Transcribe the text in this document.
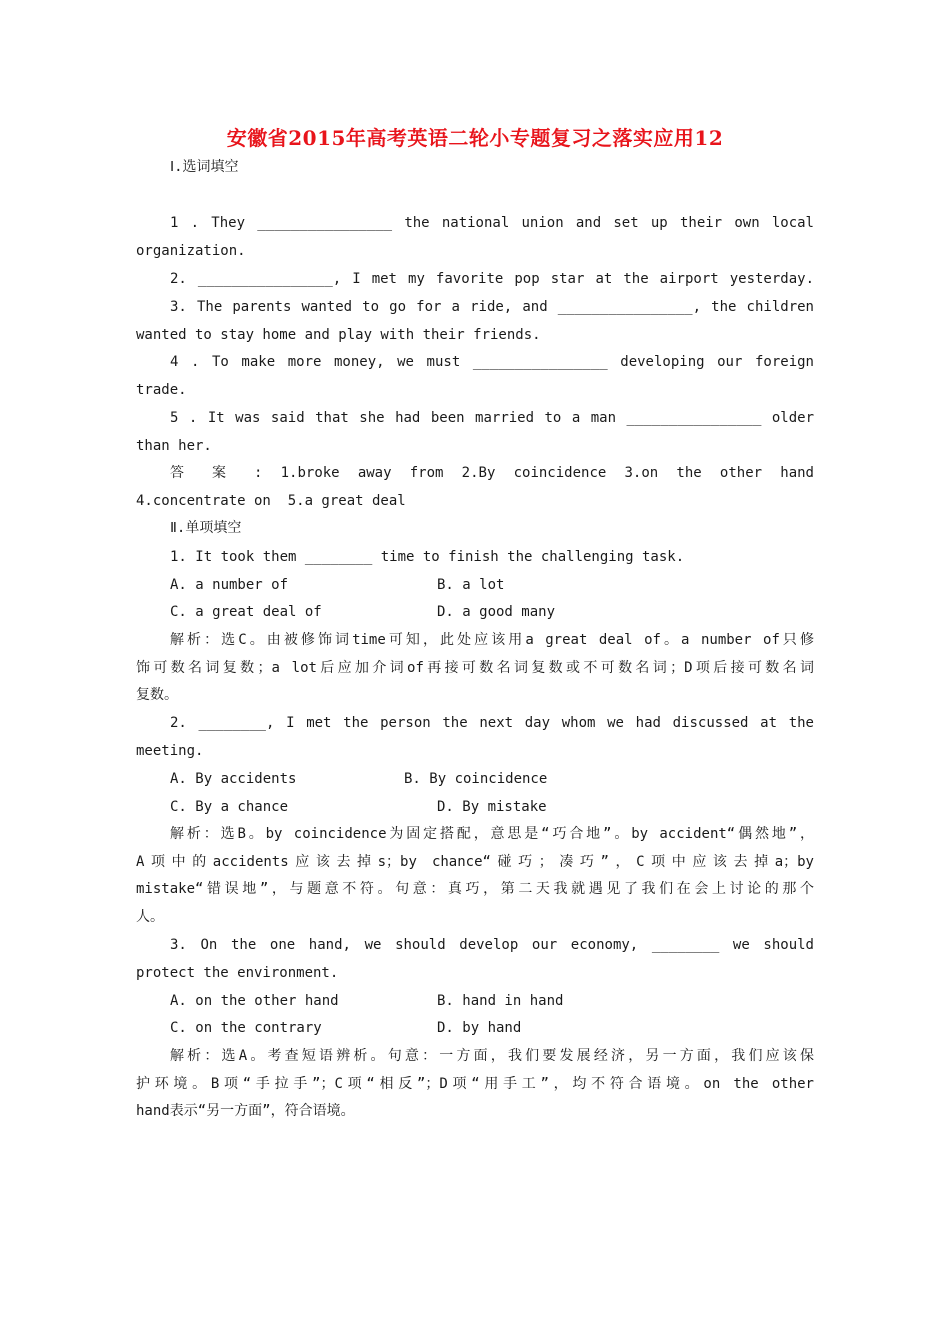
安徽省2015年高考英语二轮小专题复习之落实应用12
Ⅰ.选词填空
1 . They ________________ the national union and set up their own local
organization.
2. ________________, I met my favorite pop star at the airport yesterday.
3. The parents wanted to go for a ride, and ________________, the children
wanted to stay home and play with their friends.
4 . To make more money, we must ________________ developing our foreign
trade.
5 . It was said that she had been married to a man ________________ older
than her.
答 案 : 1.broke away from 2.By coincidence 3.on the other hand
4.concentrate on  5.a great deal
Ⅱ.单项填空
1. It took them ________ time to finish the challenging task.
A. a number of	B. a lot
C. a great deal of	D. a good many
解析：选C。由被修饰词time可知，此处应该用a great deal of。a number of只修
饰可数名词复数；a lot后应加介词of再接可数名词复数或不可数名词；D项后接可数名词
复数。
2. ________, I met the person the next day whom we had discussed at the
meeting.
A. By accidents	B. By coincidence
C. By a chance	D. By mistake
解析：选B。by coincidence为固定搭配，意思是“巧合地”。by accident“偶然地”，
A项中的accidents应该去掉s；by chance“碰巧；凑巧”，C项中应该去掉a；by
mistake“错误地”，与题意不符。句意：真巧，第二天我就遇见了我们在会上讨论的那个
人。
3. On the one hand, we should develop our economy, ________ we should
protect the environment.
A. on the other hand	B. hand in hand
C. on the contrary	D. by hand
解析：选A。考查短语辨析。句意：一方面，我们要发展经济，另一方面，我们应该保
护环境。B项“手拉手”；C项“相反”；D项“用手工”，均不符合语境。on the other
hand表示“另一方面”，符合语境。
